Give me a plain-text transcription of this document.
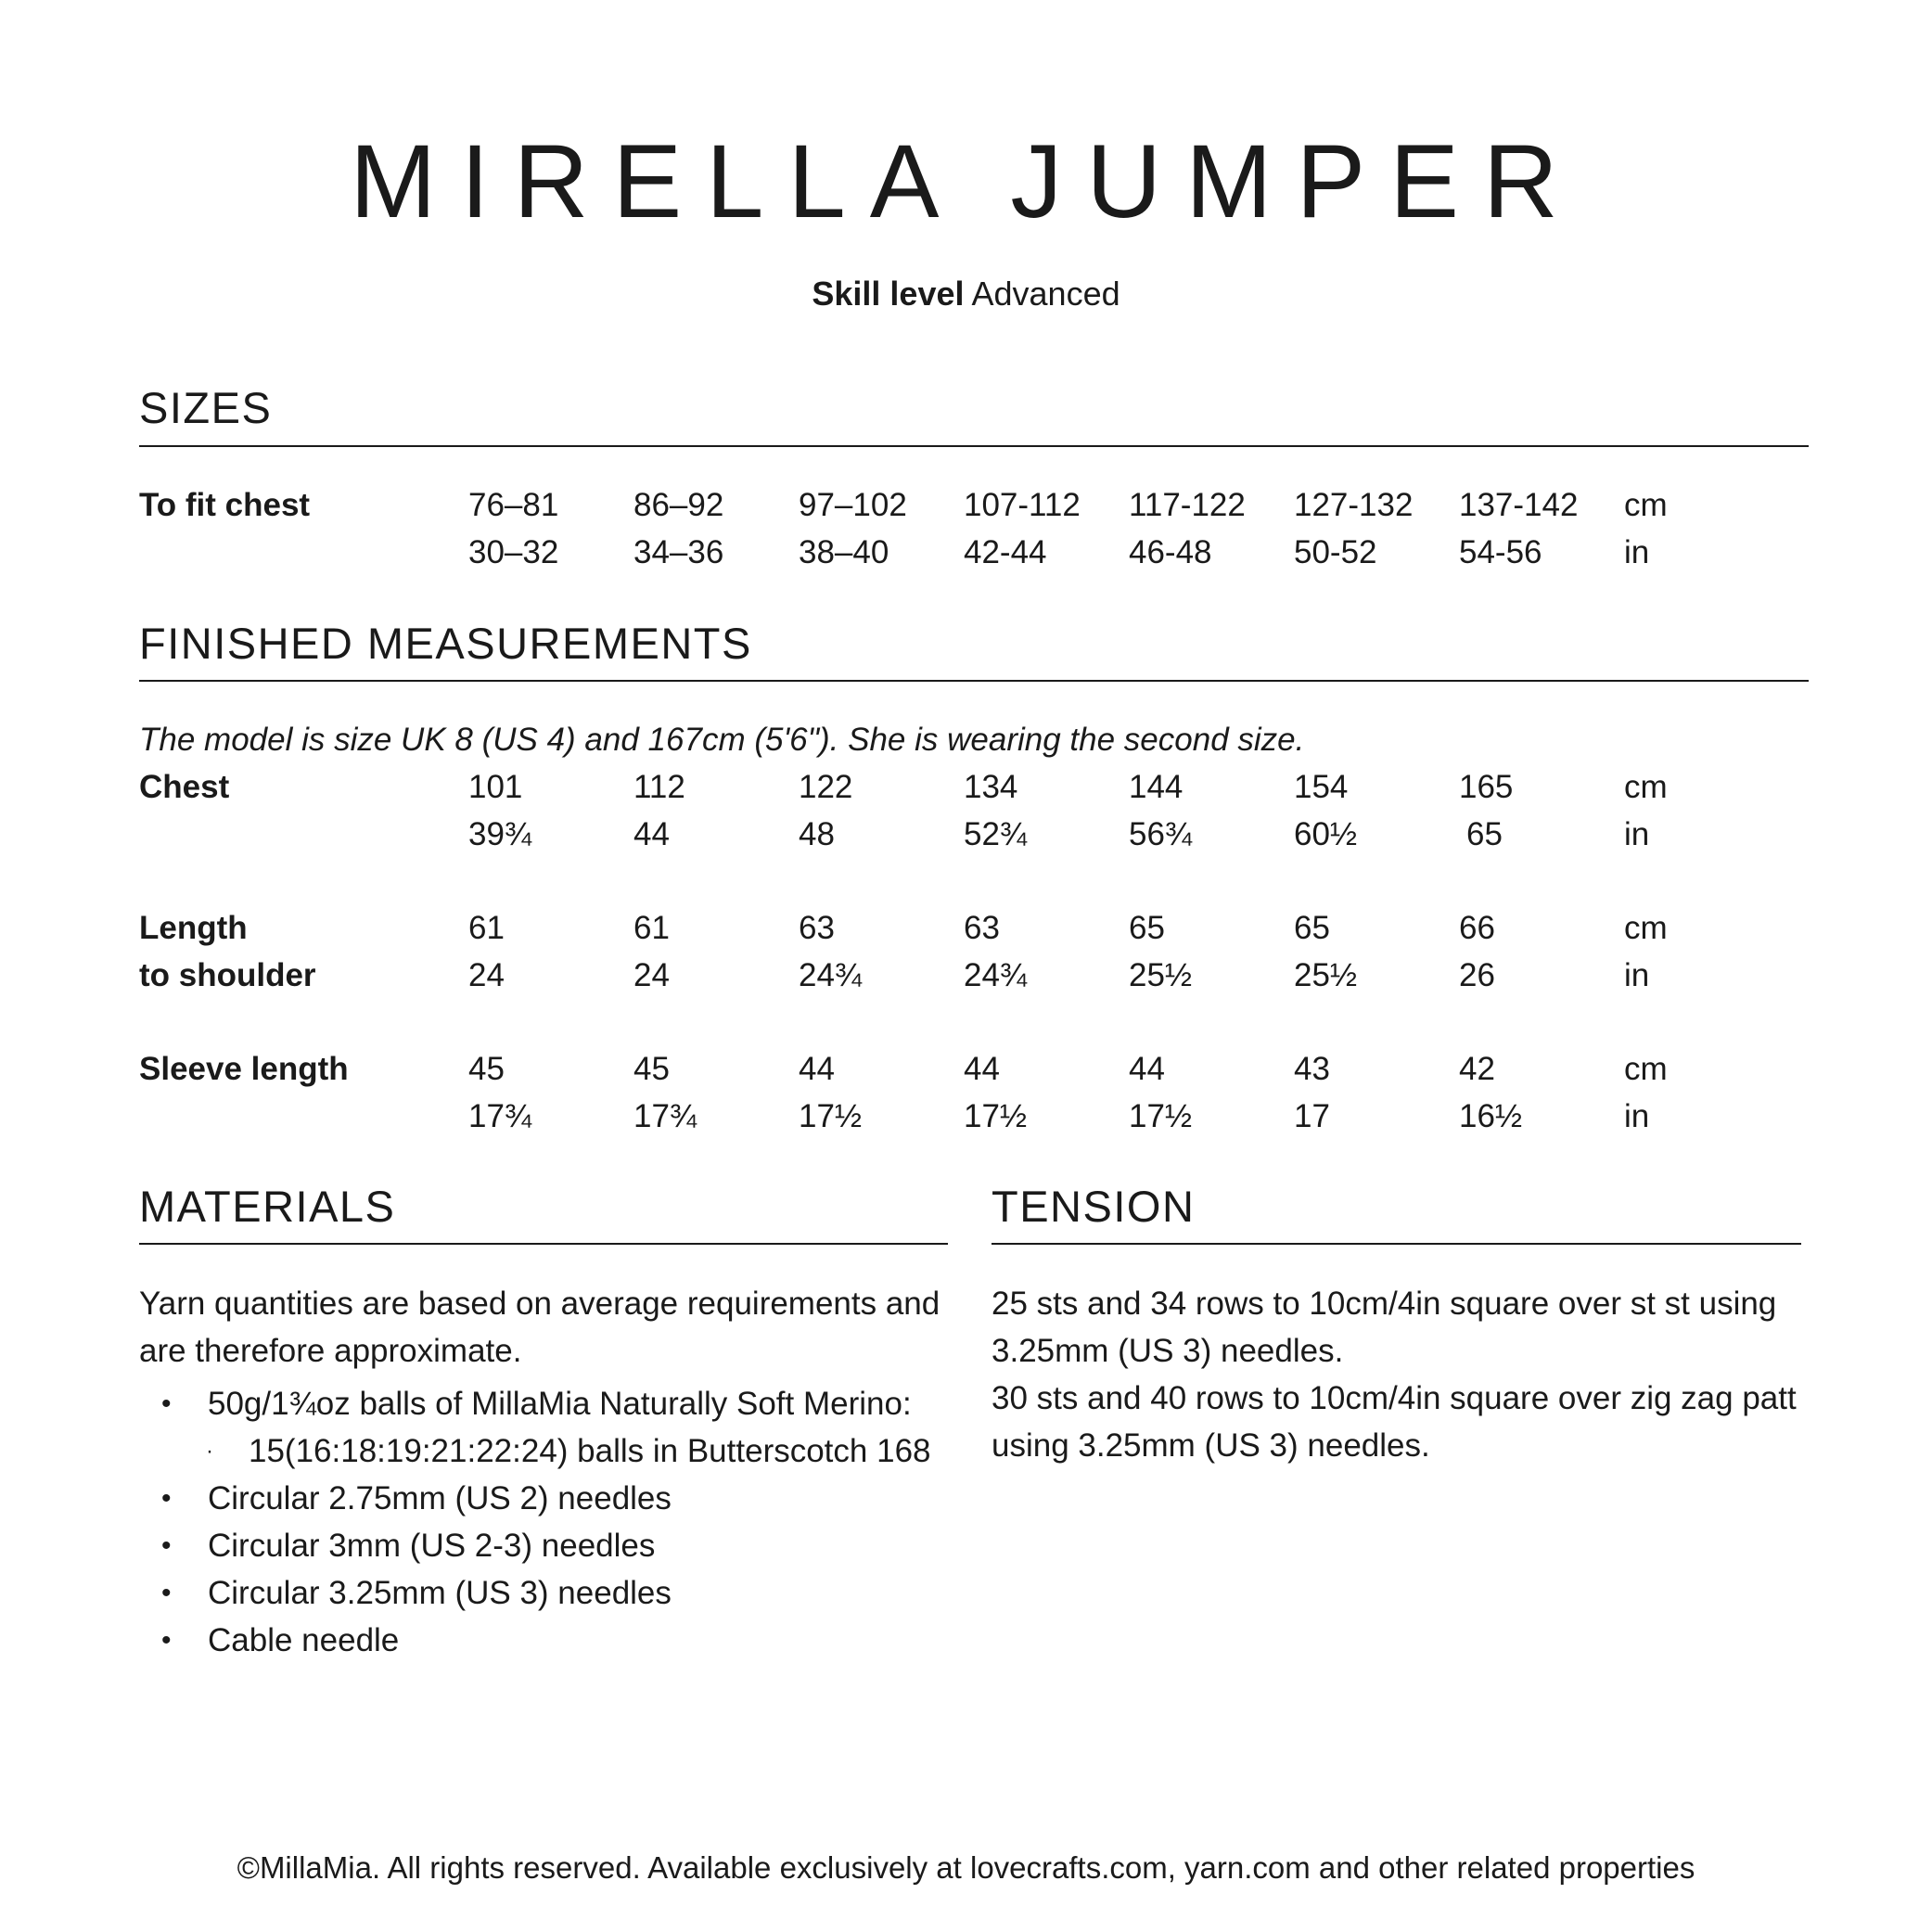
MIRELLA JUMPER
Skill level Advanced
SIZES
To fit chest	76–81 86–92 97–102 107-112 117-122 127-132 137-142 cm
30–32 34–36 38–40 42-44	46-48	50-52	54-56	in
FINISHED MEASUREMENTS
The model is size UK 8 (US 4) and 167cm (5'6"). She is wearing the second size.
Chest	101	112	122	134	144	154	165	cm
39¾	44	48	52¾	56¾	60½	65	in
Length	61	61	63	63	65	65	66	cm
to shoulder	24	24	24¾	24¾	25½	25½	26	in
Sleeve length	45	45	44	44	44	43	42	cm
17¾	17¾	17½	17½	17½	17	16½	in
MATERIALS

Yarn quantities are based on average requirements and are therefore approximate.

• 50g/1¾oz balls of MillaMia Naturally Soft Merino:
· 15(16:18:19:21:22:24) balls in Butterscotch 168
• Circular 2.75mm (US 2) needles
• Circular 3mm (US 2-3) needles
• Circular 3.25mm (US 3) needles
• Cable needle
TENSION

25 sts and 34 rows to 10cm/4in square over st st using 3.25mm (US 3) needles.

30 sts and 40 rows to 10cm/4in square over zig zag patt using 3.25mm (US 3) needles.

©MillaMia. All rights reserved. Available exclusively at lovecrafts.com, yarn.com and other related properties
